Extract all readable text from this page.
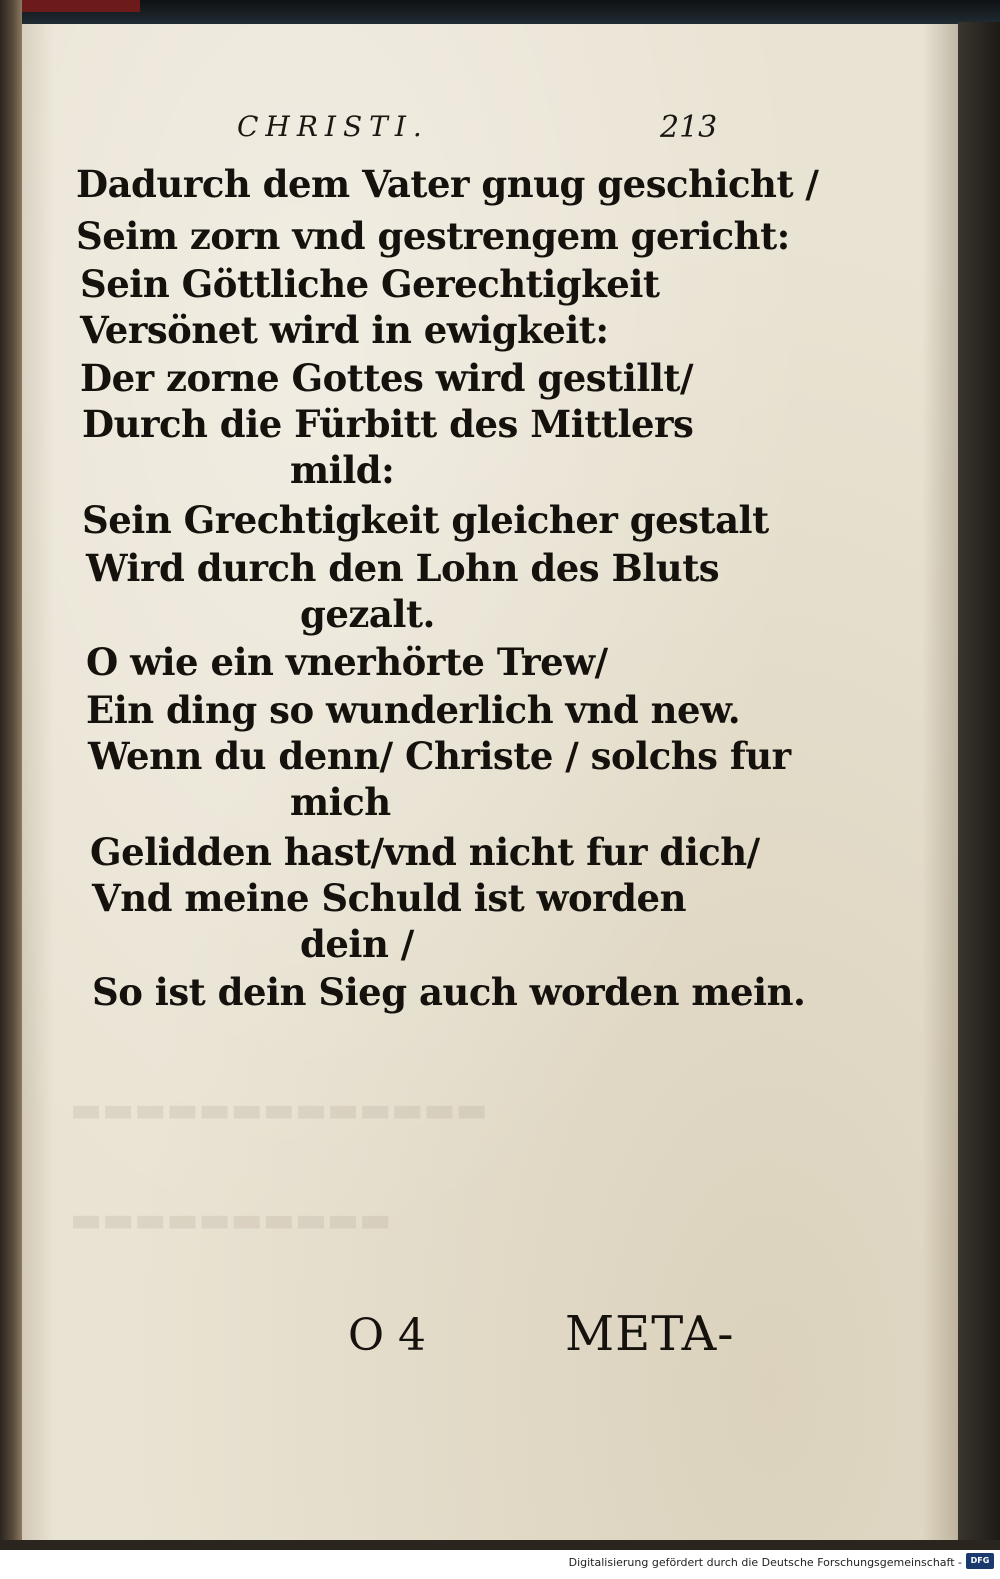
▬▬▬▬▬▬▬▬▬▬▬▬▬
▬▬▬▬▬▬▬▬▬▬
CHRISTI.	213
Dadurch dem Vater gnug geschicht /
Seim zorn vnd gestrengem gericht:
Sein Göttliche Gerechtigkeit
Versönet wird in ewigkeit:
Der zorne Gottes wird gestillt/
Durch die Fürbitt des Mittlers
mild:
Sein Grechtigkeit gleicher gestalt
Wird durch den Lohn des Bluts
gezalt.
O wie ein vnerhörte Trew/
Ein ding so wunderlich vnd new.
Wenn du denn/ Christe / solchs fur
mich
Gelidden hast/vnd nicht fur dich/
Vnd meine Schuld ist worden
dein /
So ist dein Sieg auch worden mein.
O 4	META-
Digitalisierung gefördert durch die Deutsche Forschungsgemeinschaft -	DFG
